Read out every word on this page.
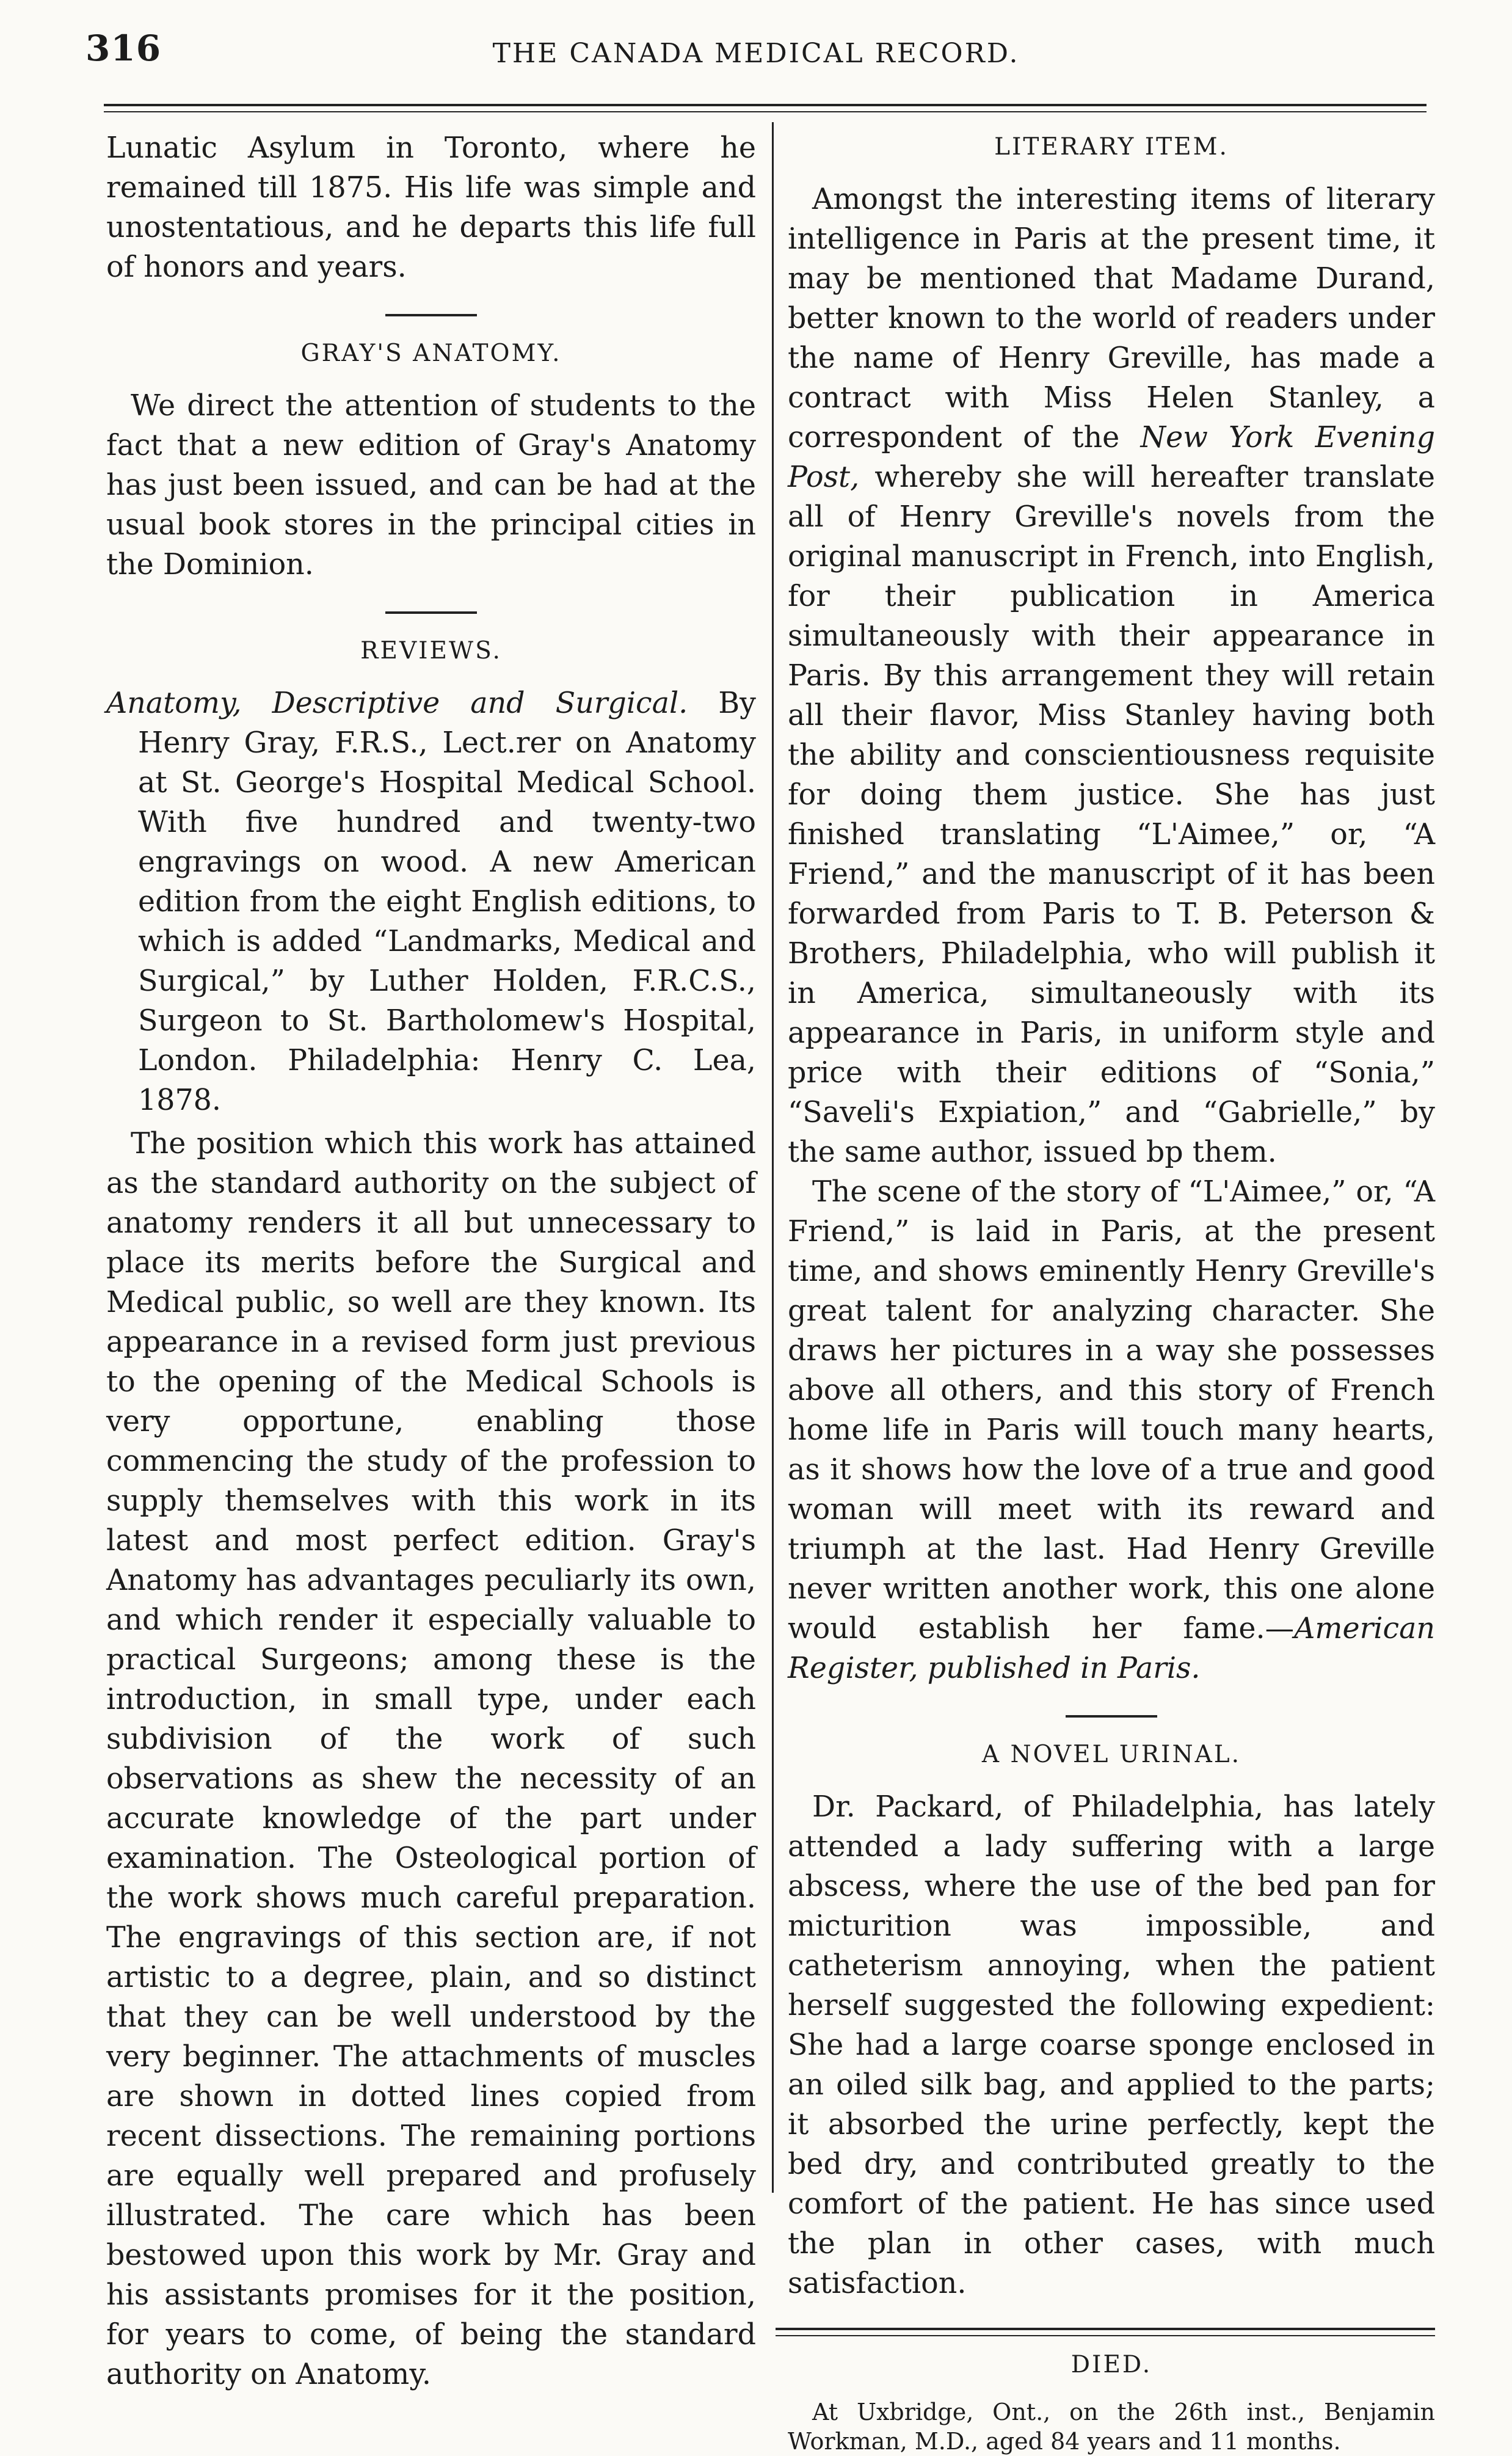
316	THE CANADA MEDICAL RECORD.

Lunatic Asylum in Toronto, where he remained till 1875. His life was simple and unostentatious, and he departs this life full of honors and years.

GRAY'S ANATOMY.

We direct the attention of students to the fact that a new edition of Gray's Anatomy has just been issued, and can be had at the usual book stores in the principal cities in the Dominion.

REVIEWS.

Anatomy, Descriptive and Surgical. By Henry Gray, F.R.S., Lect.rer on Anatomy at St. George's Hospital Medical School. With five hundred and twenty-two engravings on wood. A new American edition from the eight English editions, to which is added “Landmarks, Medical and Surgical,” by Luther Holden, F.R.C.S., Surgeon to St. Bartholomew's Hospital, London. Philadelphia: Henry C. Lea, 1878.

The position which this work has attained as the standard authority on the subject of anatomy renders it all but unnecessary to place its merits before the Surgical and Medical public, so well are they known. Its appearance in a revised form just previous to the opening of the Medical Schools is very opportune, enabling those commencing the study of the profession to supply themselves with this work in its latest and most perfect edition. Gray's Anatomy has advantages peculiarly its own, and which render it especially valuable to practical Surgeons; among these is the introduction, in small type, under each subdivision of the work of such observations as shew the necessity of an accurate knowledge of the part under examination. The Osteological portion of the work shows much careful preparation. The engravings of this section are, if not artistic to a degree, plain, and so distinct that they can be well understood by the very beginner. The attachments of muscles are shown in dotted lines copied from recent dissections. The remaining portions are equally well prepared and profusely illustrated. The care which has been bestowed upon this work by Mr. Gray and his assistants promises for it the position, for years to come, of being the standard authority on Anatomy.

LITERARY ITEM.

Amongst the interesting items of literary intelligence in Paris at the present time, it may be mentioned that Madame Durand, better known to the world of readers under the name of Henry Greville, has made a contract with Miss Helen Stanley, a correspondent of the New York Evening Post, whereby she will hereafter translate all of Henry Greville's novels from the original manuscript in French, into English, for their publication in America simultaneously with their appearance in Paris. By this arrangement they will retain all their flavor, Miss Stanley having both the ability and conscientiousness requisite for doing them justice. She has just finished translating “L'Aimee,” or, “A Friend,” and the manuscript of it has been forwarded from Paris to T. B. Peterson & Brothers, Philadelphia, who will publish it in America, simultaneously with its appearance in Paris, in uniform style and price with their editions of “Sonia,” “Saveli's Expiation,” and “Gabrielle,” by the same author, issued bp them.

The scene of the story of “L'Aimee,” or, “A Friend,” is laid in Paris, at the present time, and shows eminently Henry Greville's great talent for analyzing character. She draws her pictures in a way she possesses above all others, and this story of French home life in Paris will touch many hearts, as it shows how the love of a true and good woman will meet with its reward and triumph at the last. Had Henry Greville never written another work, this one alone would establish her fame.—American Register, published in Paris.

A NOVEL URINAL.

Dr. Packard, of Philadelphia, has lately attended a lady suffering with a large abscess, where the use of the bed pan for micturition was impossible, and catheterism annoying, when the patient herself suggested the following expedient: She had a large coarse sponge enclosed in an oiled silk bag, and applied to the parts; it absorbed the urine perfectly, kept the bed dry, and contributed greatly to the comfort of the patient. He has since used the plan in other cases, with much satisfaction.

DIED.

At Uxbridge, Ont., on the 26th inst., Benjamin Workman, M.D., aged 84 years and 11 months.
